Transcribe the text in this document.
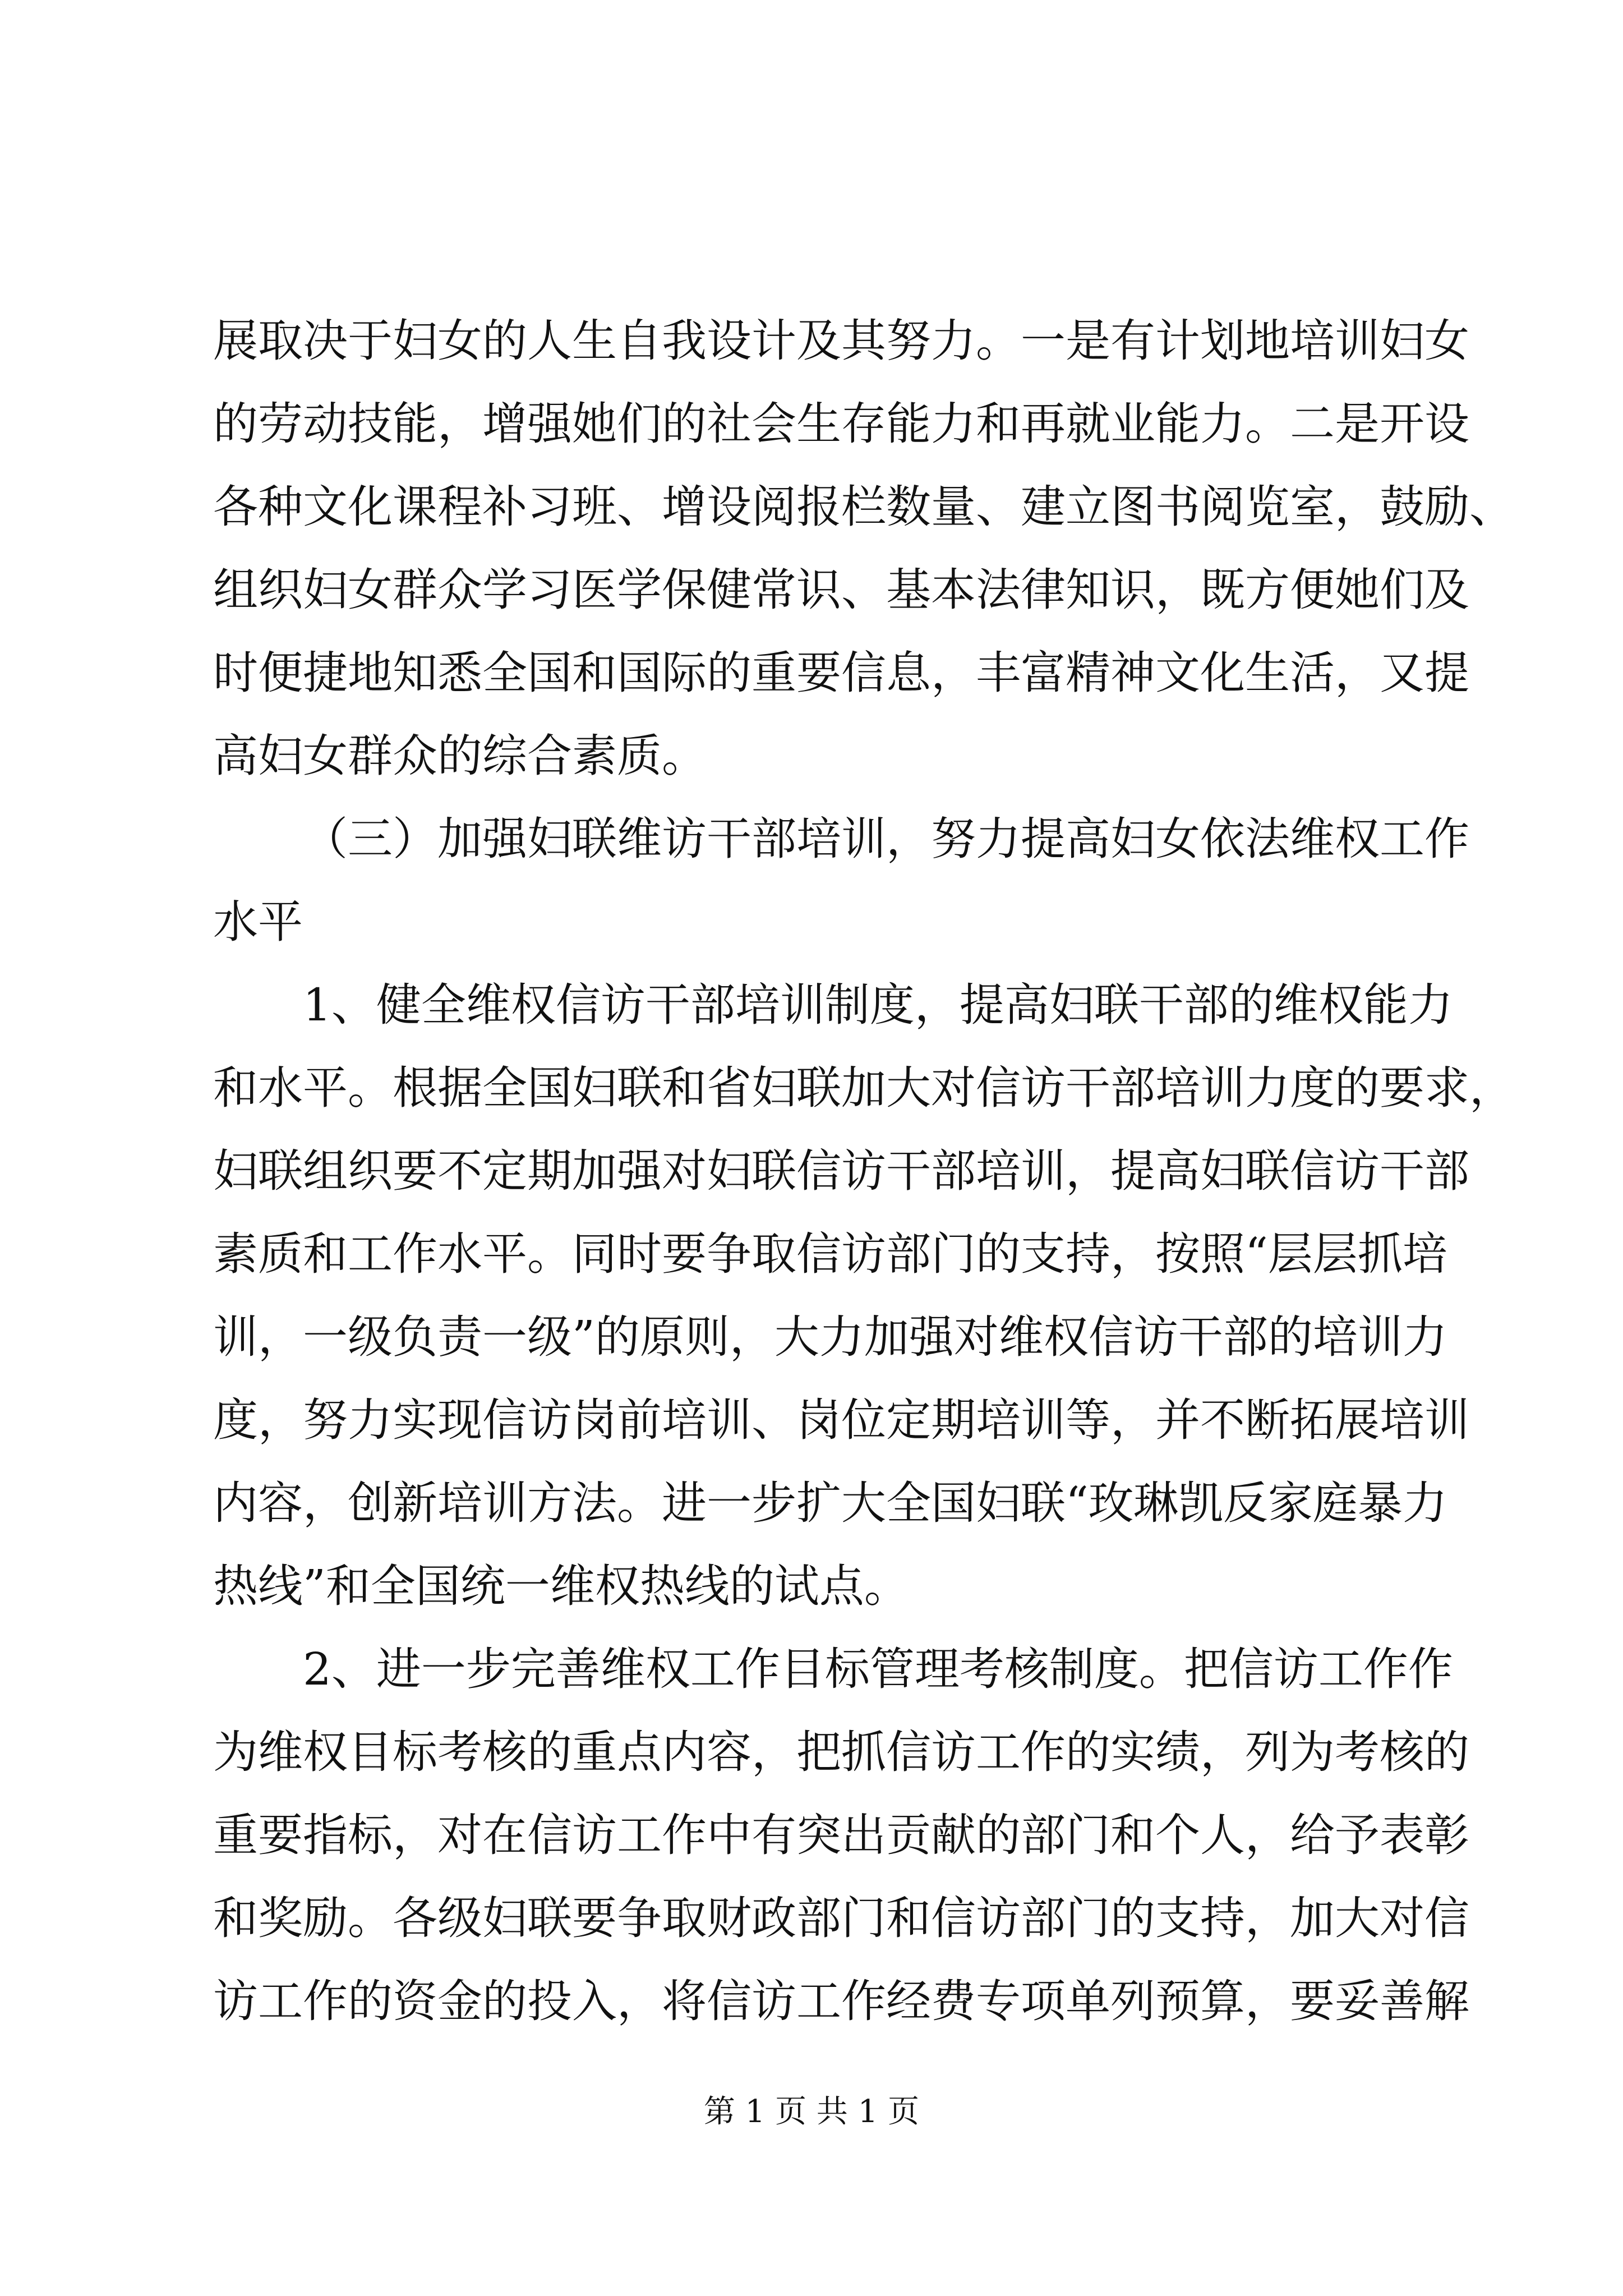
展取决于妇女的人生自我设计及其努力。一是有计划地培训妇女
的劳动技能，增强她们的社会生存能力和再就业能力。二是开设
各种文化课程补习班、增设阅报栏数量、建立图书阅览室，鼓励、
组织妇女群众学习医学保健常识、基本法律知识，既方便她们及
时便捷地知悉全国和国际的重要信息，丰富精神文化生活，又提
高妇女群众的综合素质。
（三）加强妇联维访干部培训，努力提高妇女依法维权工作
水平
1、健全维权信访干部培训制度，提高妇联干部的维权能力
和水平。根据全国妇联和省妇联加大对信访干部培训力度的要求，
妇联组织要不定期加强对妇联信访干部培训，提高妇联信访干部
素质和工作水平。同时要争取信访部门的支持，按照“层层抓培
训，一级负责一级”的原则，大力加强对维权信访干部的培训力
度，努力实现信访岗前培训、岗位定期培训等，并不断拓展培训
内容，创新培训方法。进一步扩大全国妇联“玫琳凯反家庭暴力
热线”和全国统一维权热线的试点。
2、进一步完善维权工作目标管理考核制度。把信访工作作
为维权目标考核的重点内容，把抓信访工作的实绩，列为考核的
重要指标，对在信访工作中有突出贡献的部门和个人，给予表彰
和奖励。各级妇联要争取财政部门和信访部门的支持，加大对信
第 1 页 共 1 页
访工作的资金的投入，将信访工作经费专项单列预算，要妥善解
